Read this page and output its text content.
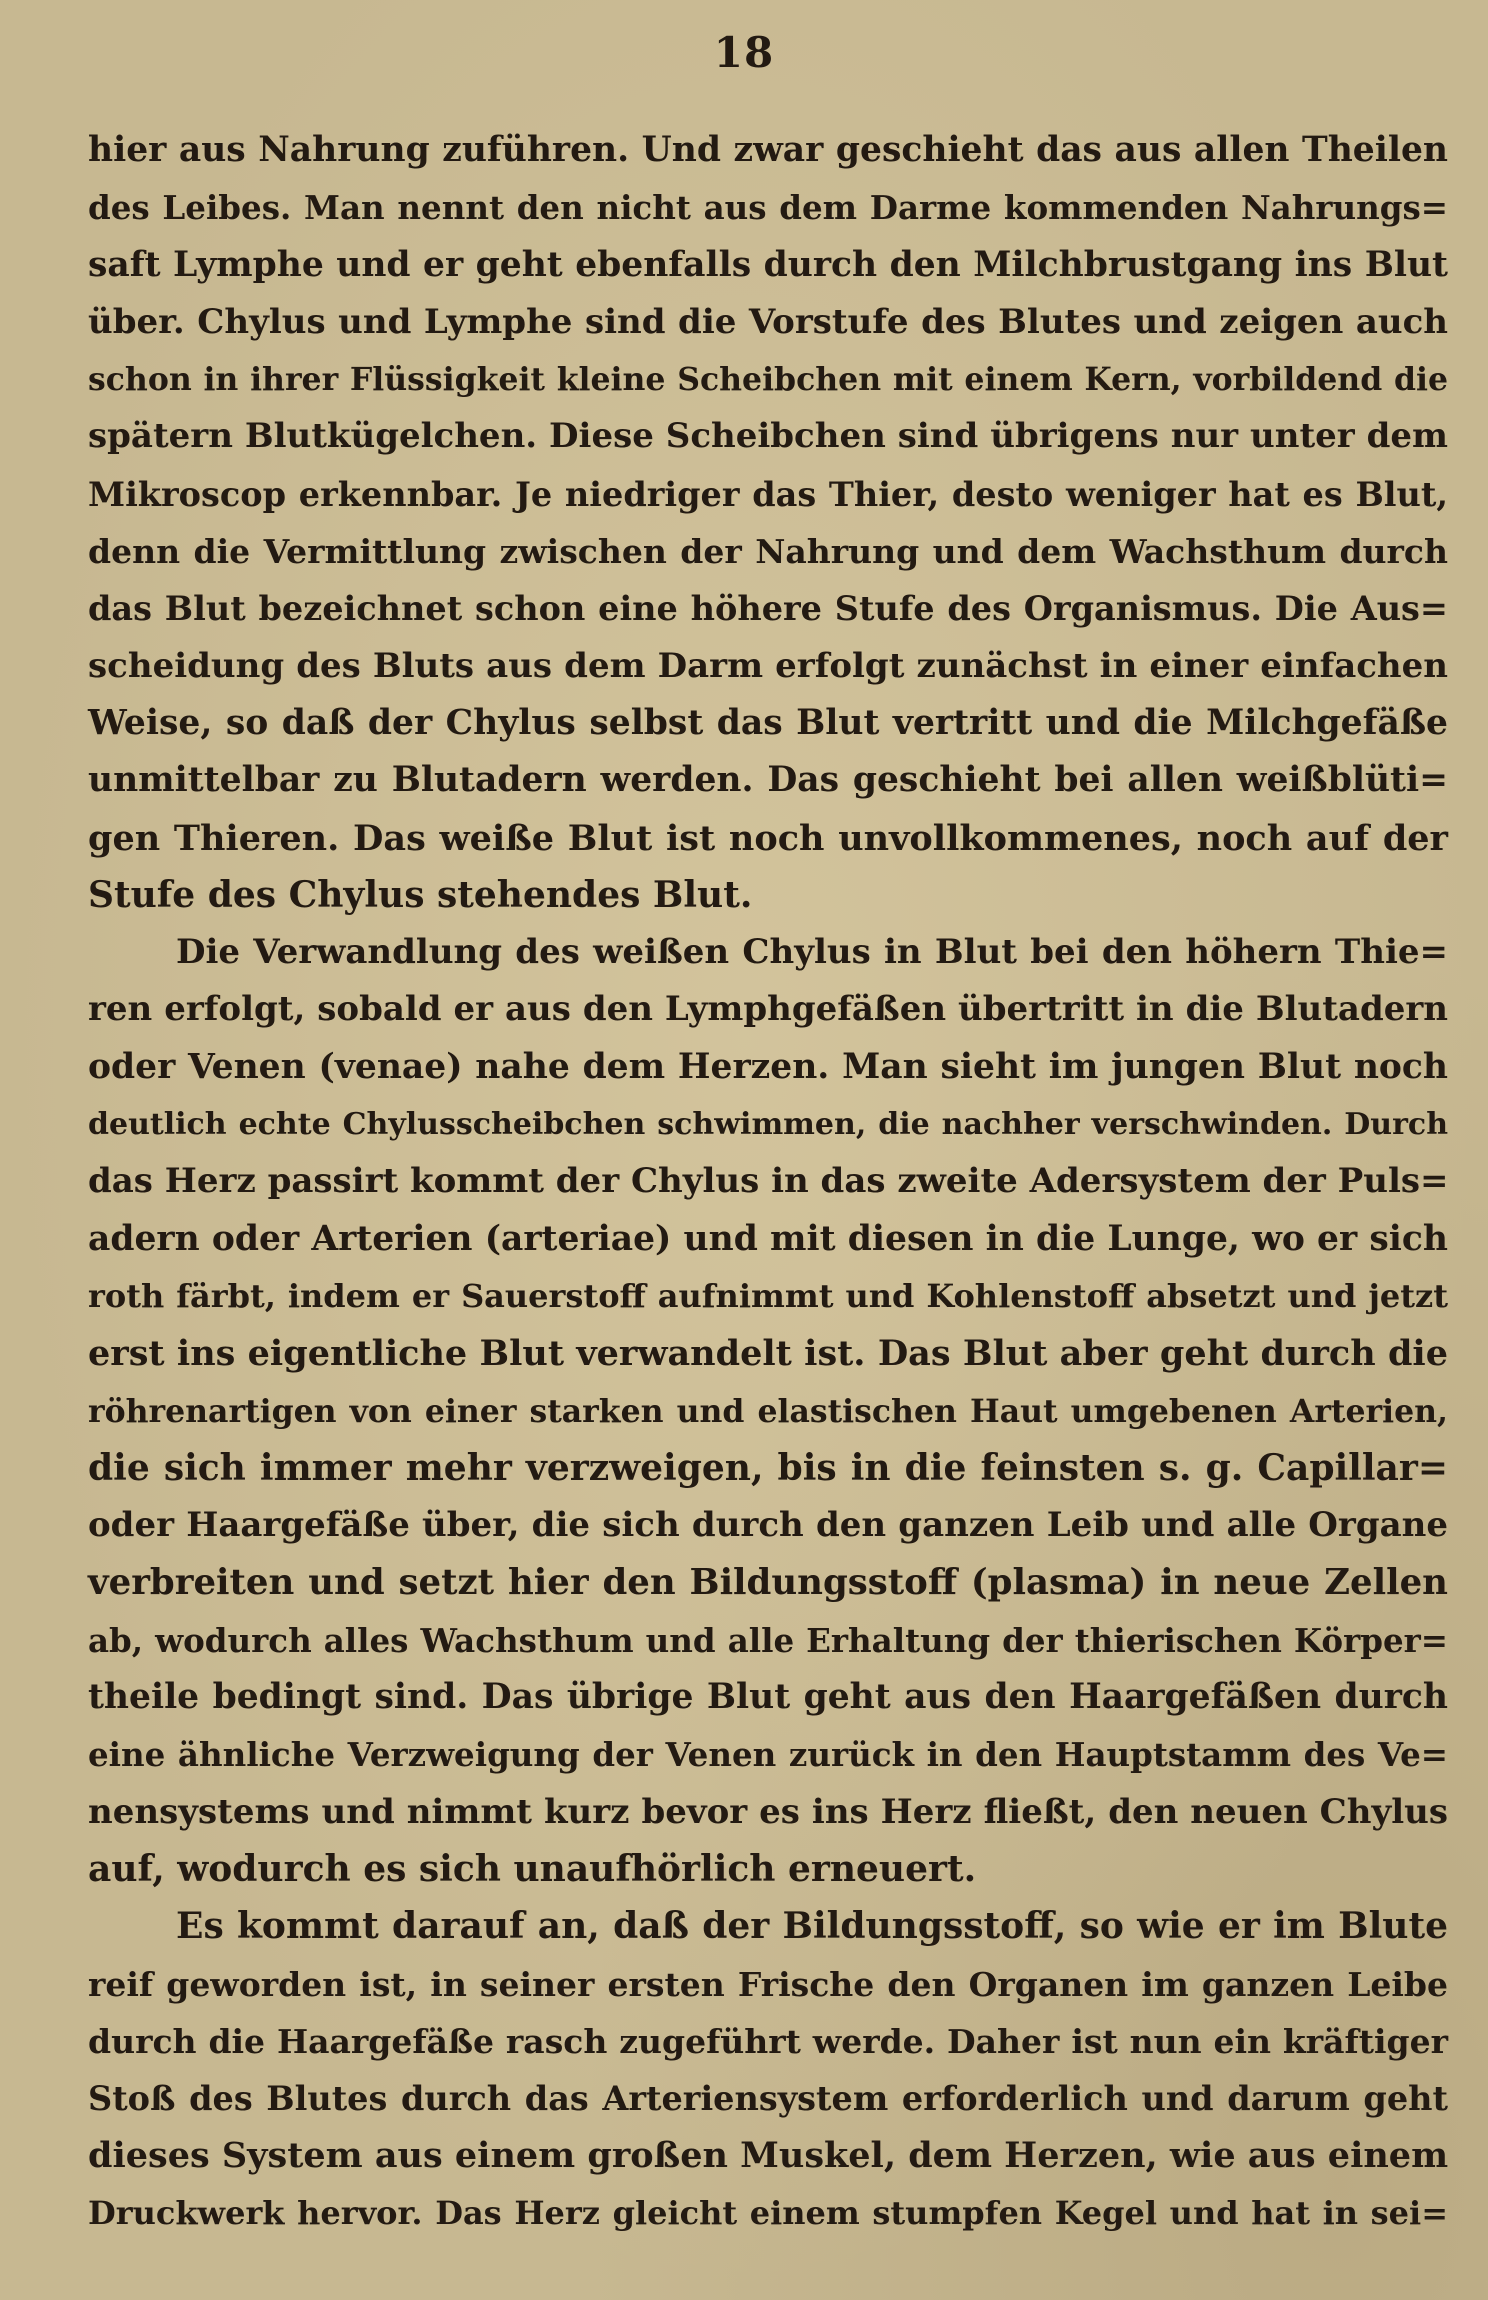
18
hier aus Nahrung zuführen. Und zwar geschieht das aus allen Theilen
des Leibes. Man nennt den nicht aus dem Darme kommenden Nahrungs=
saft Lymphe und er geht ebenfalls durch den Milchbrustgang ins Blut
über. Chylus und Lymphe sind die Vorstufe des Blutes und zeigen auch
schon in ihrer Flüssigkeit kleine Scheibchen mit einem Kern, vorbildend die
spätern Blutkügelchen. Diese Scheibchen sind übrigens nur unter dem
Mikroscop erkennbar. Je niedriger das Thier, desto weniger hat es Blut,
denn die Vermittlung zwischen der Nahrung und dem Wachsthum durch
das Blut bezeichnet schon eine höhere Stufe des Organismus. Die Aus=
scheidung des Bluts aus dem Darm erfolgt zunächst in einer einfachen
Weise, so daß der Chylus selbst das Blut vertritt und die Milchgefäße
unmittelbar zu Blutadern werden. Das geschieht bei allen weißblüti=
gen Thieren. Das weiße Blut ist noch unvollkommenes, noch auf der
Stufe des Chylus stehendes Blut.
Die Verwandlung des weißen Chylus in Blut bei den höhern Thie=
ren erfolgt, sobald er aus den Lymphgefäßen übertritt in die Blutadern
oder Venen (venae) nahe dem Herzen. Man sieht im jungen Blut noch
deutlich echte Chylusscheibchen schwimmen, die nachher verschwinden. Durch
das Herz passirt kommt der Chylus in das zweite Adersystem der Puls=
adern oder Arterien (arteriae) und mit diesen in die Lunge, wo er sich
roth färbt, indem er Sauerstoff aufnimmt und Kohlenstoff absetzt und jetzt
erst ins eigentliche Blut verwandelt ist. Das Blut aber geht durch die
röhrenartigen von einer starken und elastischen Haut umgebenen Arterien,
die sich immer mehr verzweigen, bis in die feinsten s. g. Capillar=
oder Haargefäße über, die sich durch den ganzen Leib und alle Organe
verbreiten und setzt hier den Bildungsstoff (plasma) in neue Zellen
ab, wodurch alles Wachsthum und alle Erhaltung der thierischen Körper=
theile bedingt sind. Das übrige Blut geht aus den Haargefäßen durch
eine ähnliche Verzweigung der Venen zurück in den Hauptstamm des Ve=
nensystems und nimmt kurz bevor es ins Herz fließt, den neuen Chylus
auf, wodurch es sich unaufhörlich erneuert.
Es kommt darauf an, daß der Bildungsstoff, so wie er im Blute
reif geworden ist, in seiner ersten Frische den Organen im ganzen Leibe
durch die Haargefäße rasch zugeführt werde. Daher ist nun ein kräftiger
Stoß des Blutes durch das Arteriensystem erforderlich und darum geht
dieses System aus einem großen Muskel, dem Herzen, wie aus einem
Druckwerk hervor. Das Herz gleicht einem stumpfen Kegel und hat in sei=
